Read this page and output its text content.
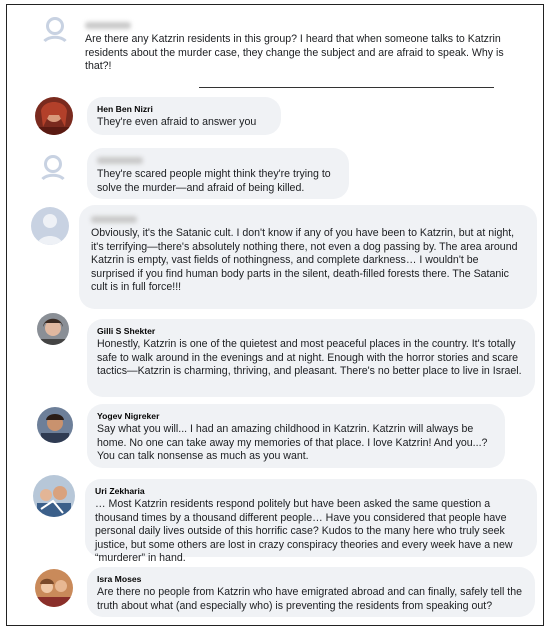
Are there any Katzrin residents in this group? I heard that when someone talks to Katzrin residents about the murder case, they change the subject and are afraid to speak. Why is that?!
Hen Ben Nizri
They're even afraid to answer you
They're scared people might think they're trying to solve the murder—and afraid of being killed.
Obviously, it's the Satanic cult. I don't know if any of you have been to Katzrin, but at night, it's terrifying—there's absolutely nothing there, not even a dog passing by. The area around Katzrin is empty, vast fields of nothingness, and complete darkness… I wouldn't be surprised if you find human body parts in the silent, death-filled forests there. The Satanic cult is in full force!!!
Gilli S Shekter
Honestly, Katzrin is one of the quietest and most peaceful places in the country. It's totally safe to walk around in the evenings and at night. Enough with the horror stories and scare tactics—Katzrin is charming, thriving, and pleasant. There's no better place to live in Israel.
Yogev Nigreker
Say what you will... I had an amazing childhood in Katzrin. Katzrin will always be home. No one can take away my memories of that place. I love Katzrin! And you...? You can talk nonsense as much as you want.
Uri Zekharia
… Most Katzrin residents respond politely but have been asked the same question a thousand times by a thousand different people… Have you considered that people have personal daily lives outside of this horrific case? Kudos to the many here who truly seek justice, but some others are lost in crazy conspiracy theories and every week have a new “murderer” in hand.
Isra Moses
Are there no people from Katzrin who have emigrated abroad and can finally, safely tell the truth about what (and especially who) is preventing the residents from speaking out?
